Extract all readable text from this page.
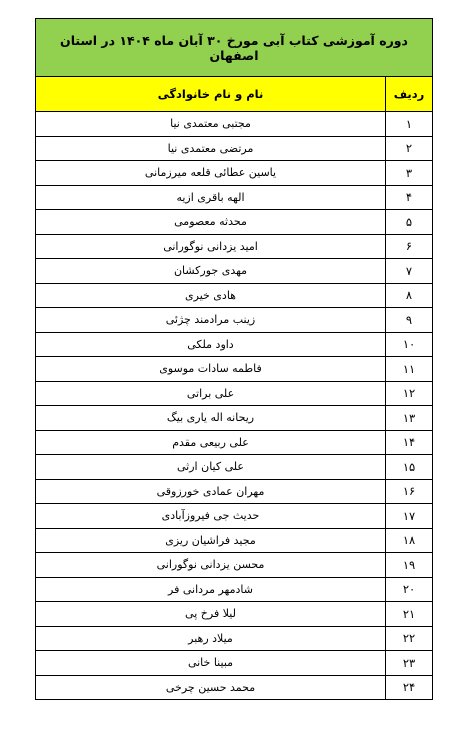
دوره آموزشی کتاب آبی مورخ ۳۰ آبان ماه ۱۴۰۴ در استان اصفهان	
ردیف	نام و نام خانوادگی
۱	مجتبی معتمدی نیا
۲	مرتضی معتمدی نیا
۳	یاسین عطائی قلعه میرزمانی
۴	الهه باقری ازیه
۵	محدثه معصومی
۶	امید یزدانی نوگورانی
۷	مهدی جورکشان
۸	هادی خیری
۹	زینب مرادمند چژئی
۱۰	داود ملکی
۱۱	فاطمه سادات موسوی
۱۲	علی براتی
۱۳	ریحانه اله یاری بیگ
۱۴	علی ربیعی مقدم
۱۵	علی کیان ارثی
۱۶	مهران عمادی خورزوقی
۱۷	حدیث جی فیروزآبادی
۱۸	مجید فراشیان ریزی
۱۹	محسن یزدانی نوگورانی
۲۰	شادمهر مردانی فر
۲۱	لیلا فرخ پی
۲۲	میلاد رهبر
۲۳	مبینا خانی
۲۴	محمد حسین چرخی
